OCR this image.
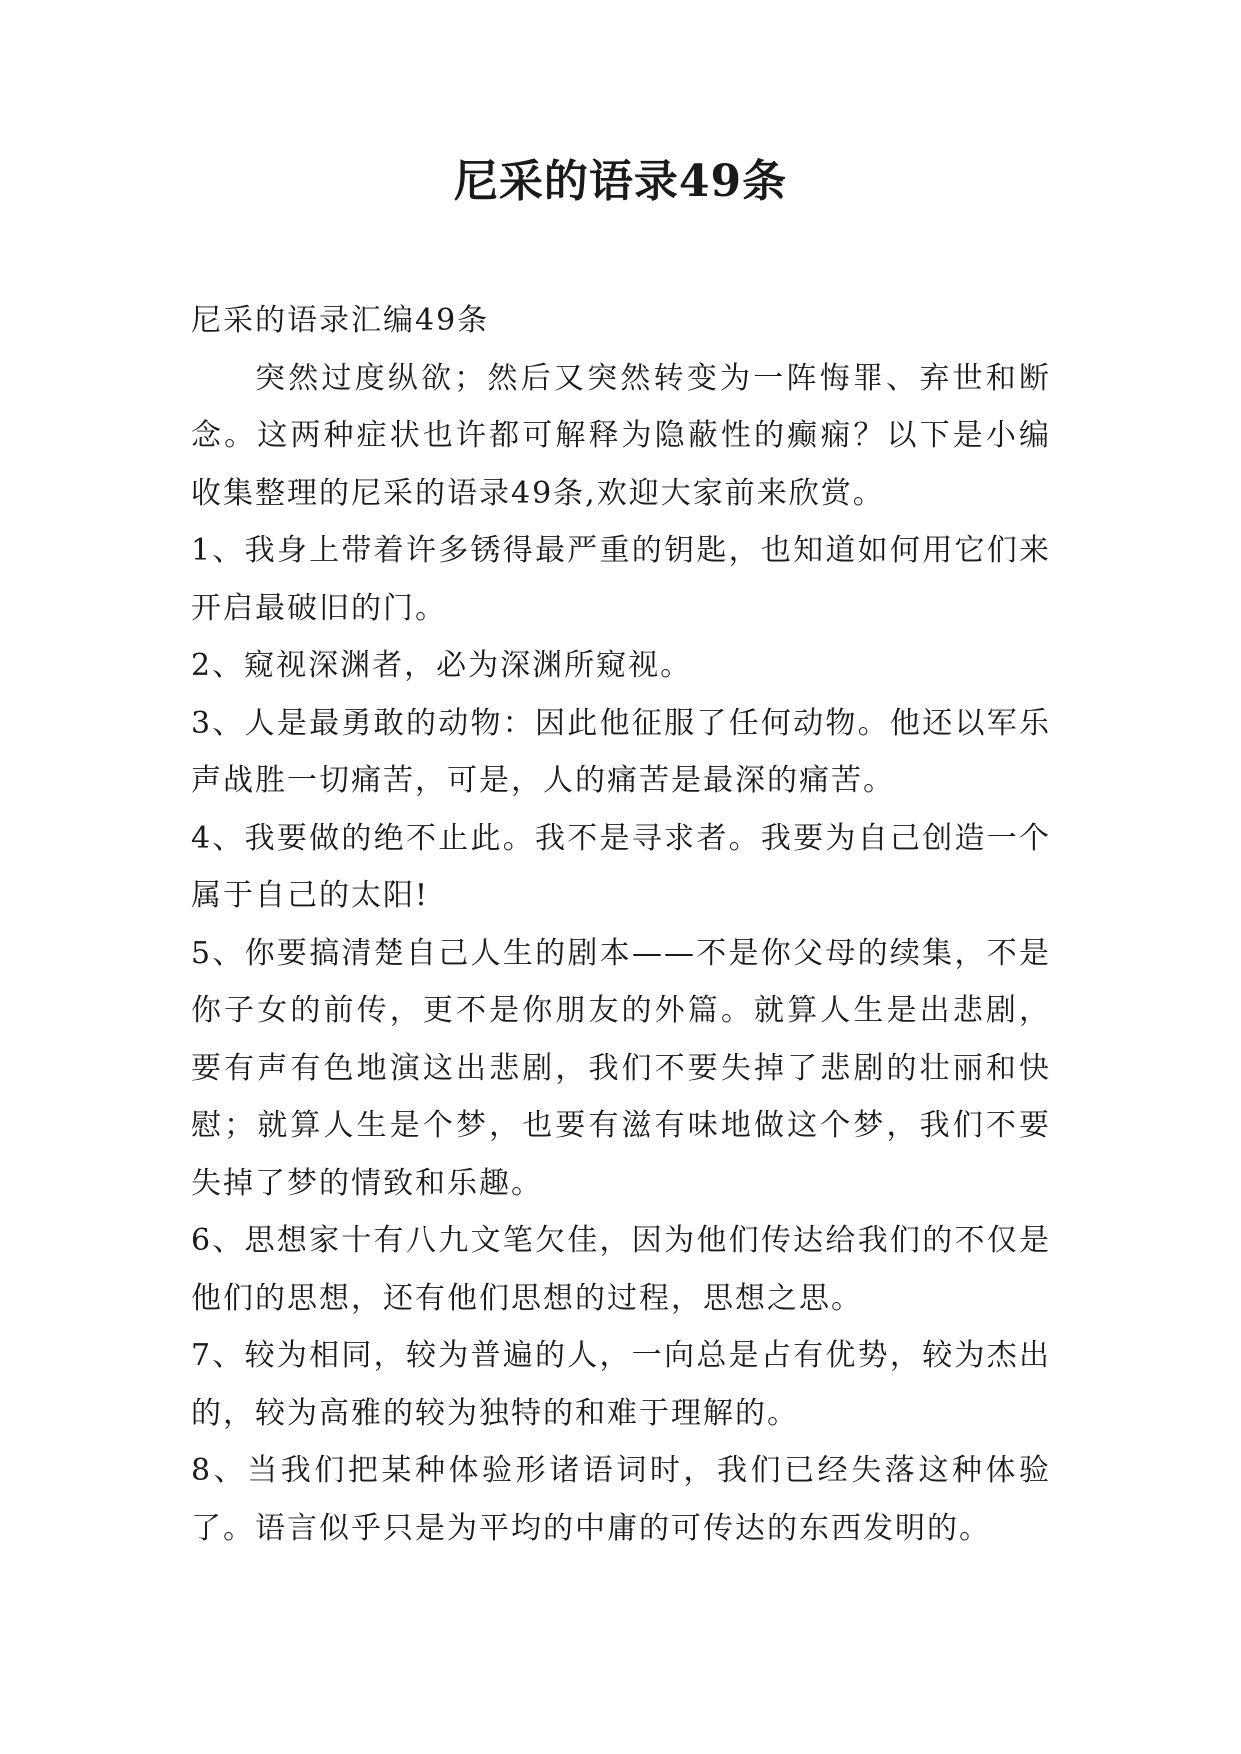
尼采的语录49条

尼采的语录汇编49条

突然过度纵欲；然后又突然转变为一阵悔罪、弃世和断念。这两种症状也许都可解释为隐蔽性的癫痫？以下是小编收集整理的尼采的语录49条,欢迎大家前来欣赏。

1、我身上带着许多锈得最严重的钥匙，也知道如何用它们来开启最破旧的门。

2、窥视深渊者，必为深渊所窥视。

3、人是最勇敢的动物：因此他征服了任何动物。他还以军乐声战胜一切痛苦，可是，人的痛苦是最深的痛苦。

4、我要做的绝不止此。我不是寻求者。我要为自己创造一个属于自己的太阳!

5、你要搞清楚自己人生的剧本——不是你父母的续集，不是你子女的前传，更不是你朋友的外篇。就算人生是出悲剧，要有声有色地演这出悲剧，我们不要失掉了悲剧的壮丽和快慰；就算人生是个梦，也要有滋有味地做这个梦，我们不要失掉了梦的情致和乐趣。

6、思想家十有八九文笔欠佳，因为他们传达给我们的不仅是他们的思想，还有他们思想的过程，思想之思。

7、较为相同，较为普遍的人，一向总是占有优势，较为杰出的，较为高雅的较为独特的和难于理解的。

8、当我们把某种体验形诸语词时，我们已经失落这种体验了。语言似乎只是为平均的中庸的可传达的东西发明的。
